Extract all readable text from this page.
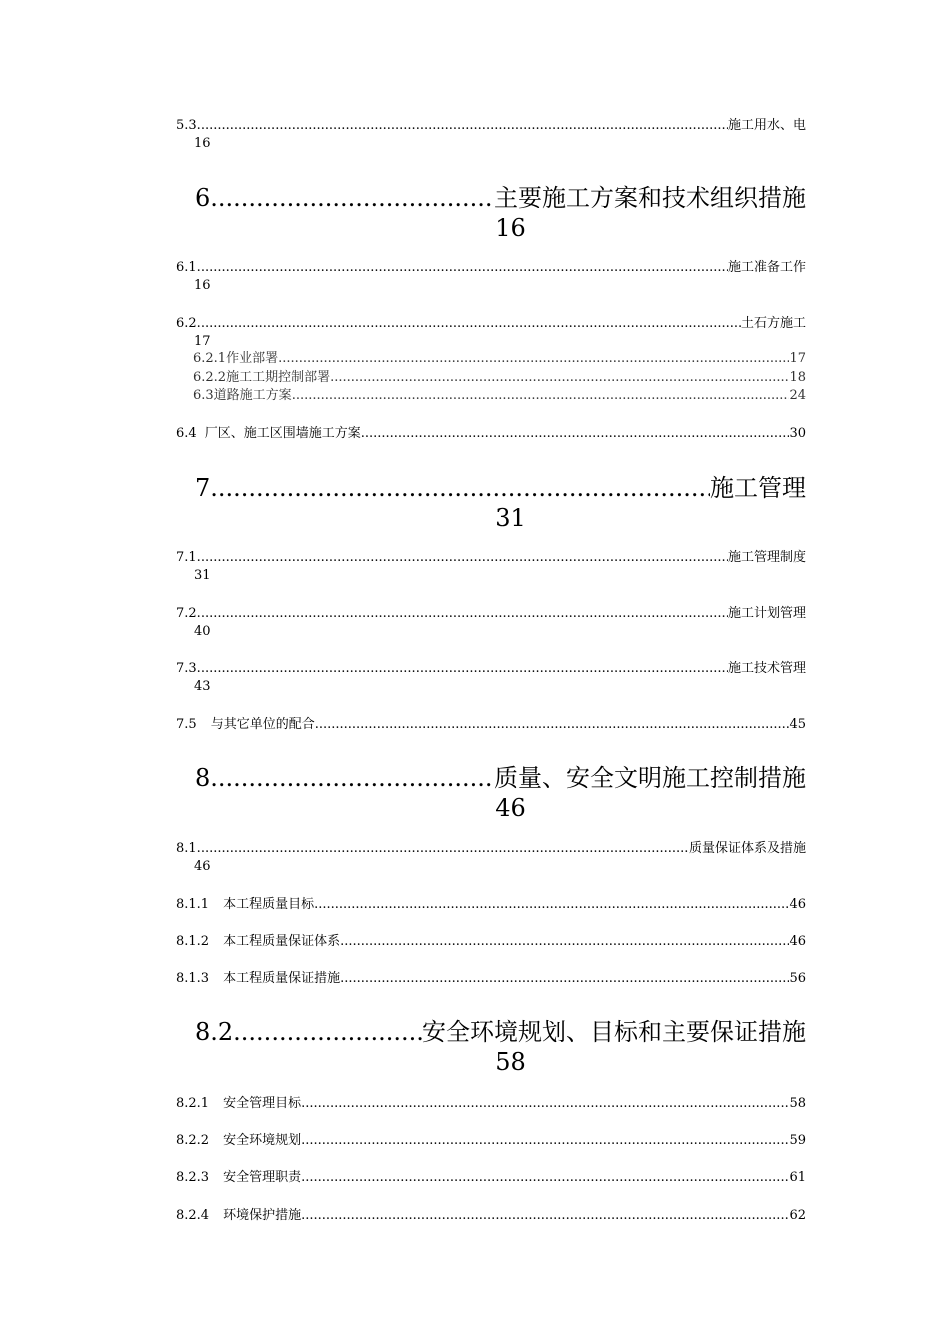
5.3. .....	施工用水、电
16
6. .....	主要施工方案和技术组织措施
16
6.1. .....	施工准备工作
16
6.2. .....	土石方施工
17
6.2.1作业部署 .....	17
6.2.2施工工期控制部署 .....	18
6.3道路施工方案 .....	24
6.4 厂区、施工区围墙施工方案 .....	30
7. .....	施工管理
31
7.1. .....	施工管理制度
31
7.2. .....	施工计划管理
40
7.3. .....	施工技术管理
43
7.5	与其它单位的配合 .....	45
8. .....	质量、安全文明施工控制措施
46
8.1. .....	质量保证体系及措施
46
8.1.1	本工程质量目标 .....	46
8.1.2	本工程质量保证体系 .....	46
8.1.3	本工程质量保证措施 .....	56
8.2. .....	安全环境规划、目标和主要保证措施
58
8.2.1	安全管理目标 .....	58
8.2.2	安全环境规划 .....	59
8.2.3	安全管理职责 .....	61
8.2.4	环境保护措施 .....	62
